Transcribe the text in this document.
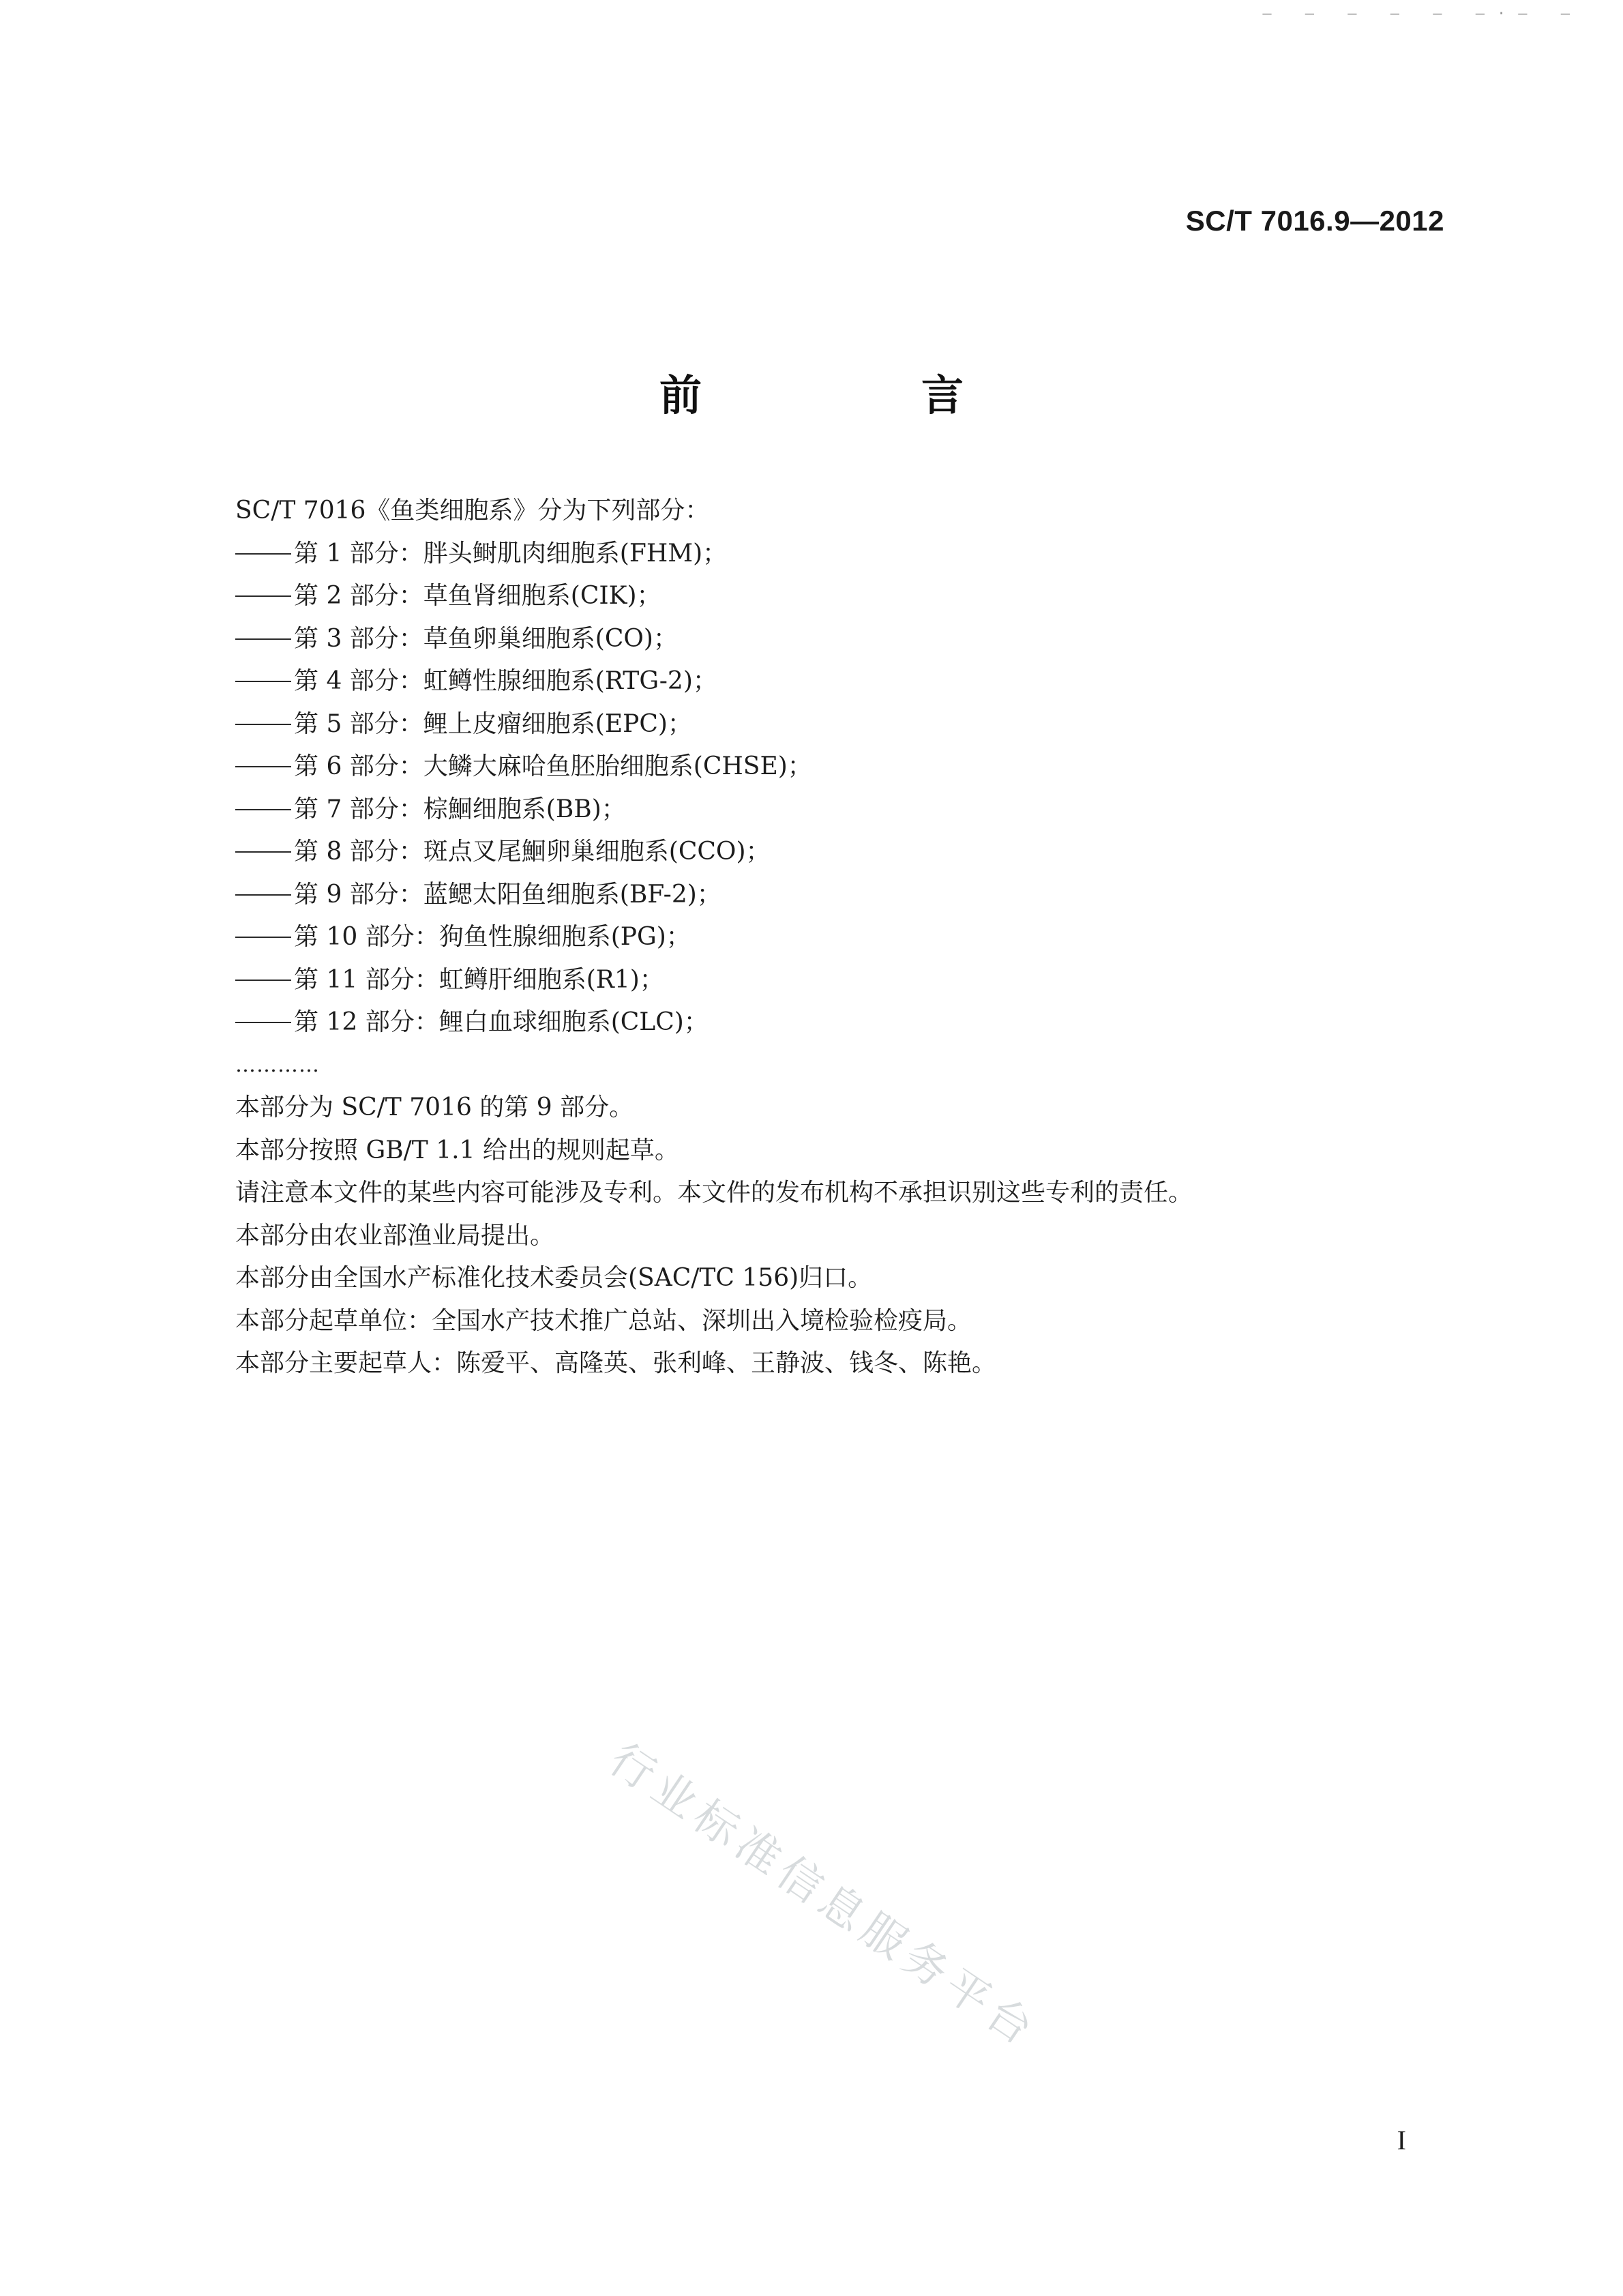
– – – – – –·– –
SC/T 7016.9—2012
前　言
SC/T 7016《鱼类细胞系》分为下列部分：
第 1 部分：胖头鲥肌肉细胞系(FHM)；
第 2 部分：草鱼肾细胞系(CIK)；
第 3 部分：草鱼卵巢细胞系(CO)；
第 4 部分：虹鳟性腺细胞系(RTG-2)；
第 5 部分：鲤上皮瘤细胞系(EPC)；
第 6 部分：大鳞大麻哈鱼胚胎细胞系(CHSE)；
第 7 部分：棕鮰细胞系(BB)；
第 8 部分：斑点叉尾鮰卵巢细胞系(CCO)；
第 9 部分：蓝鳃太阳鱼细胞系(BF-2)；
第 10 部分：狗鱼性腺细胞系(PG)；
第 11 部分：虹鳟肝细胞系(R1)；
第 12 部分：鲤白血球细胞系(CLC)；
…………
本部分为 SC/T 7016 的第 9 部分。
本部分按照 GB/T 1.1 给出的规则起草。
请注意本文件的某些内容可能涉及专利。本文件的发布机构不承担识别这些专利的责任。
本部分由农业部渔业局提出。
本部分由全国水产标准化技术委员会(SAC/TC 156)归口。
本部分起草单位：全国水产技术推广总站、深圳出入境检验检疫局。
本部分主要起草人：陈爱平、高隆英、张利峰、王静波、钱冬、陈艳。
行业标准信息服务平台
I
